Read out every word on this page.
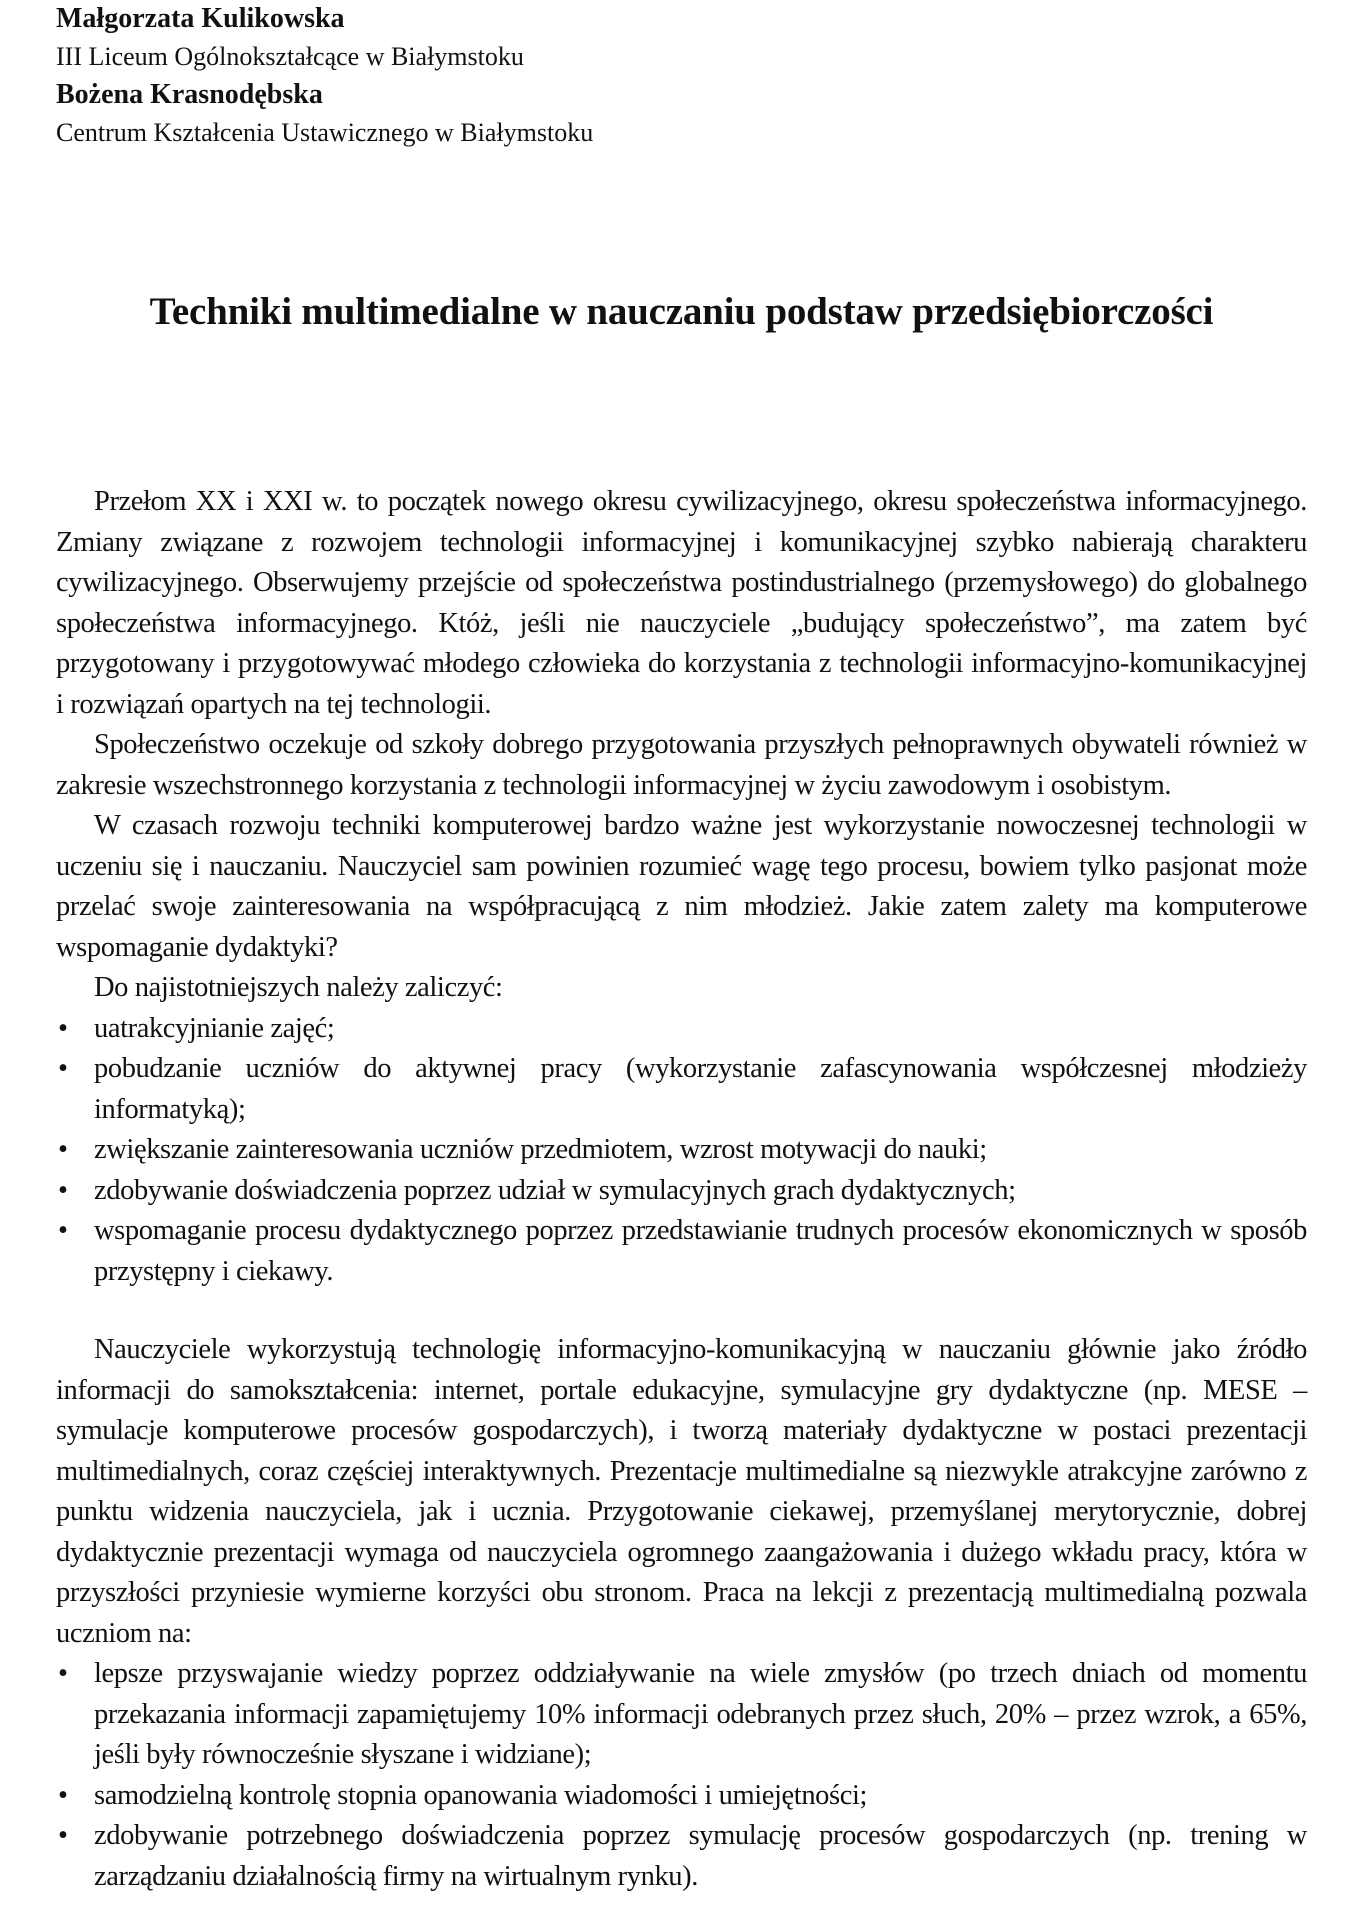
Małgorzata Kulikowska

III Liceum Ogólnokształcące w Białymstoku

Bożena Krasnodębska

Centrum Kształcenia Ustawicznego w Białymstoku

Techniki multimedialne w nauczaniu podstaw przedsiębiorczości

Przełom XX i XXI w. to początek nowego okresu cywilizacyjnego, okresu społeczeństwa informacyjnego. Zmiany związane z rozwojem technologii informacyjnej i komunikacyjnej szybko nabierają charakteru cywilizacyjnego. Obserwujemy przejście od społeczeństwa postindustrialnego (przemysłowego) do globalnego społeczeństwa informacyjnego. Któż, jeśli nie nauczyciele „budujący społeczeństwo”, ma zatem być przygotowany i przygotowywać młodego człowieka do korzystania z technologii informacyjno-komunikacyjnej i rozwiązań opartych na tej technologii.

Społeczeństwo oczekuje od szkoły dobrego przygotowania przyszłych pełnoprawnych obywateli również w zakresie wszechstronnego korzystania z technologii informacyjnej w życiu zawodowym i osobistym.

W czasach rozwoju techniki komputerowej bardzo ważne jest wykorzystanie nowoczesnej technologii w uczeniu się i nauczaniu. Nauczyciel sam powinien rozumieć wagę tego procesu, bowiem tylko pasjonat może przelać swoje zainteresowania na współpracującą z nim młodzież. Jakie zatem zalety ma komputerowe wspomaganie dydaktyki?

Do najistotniejszych należy zaliczyć:

• uatrakcyjnianie zajęć;
• pobudzanie uczniów do aktywnej pracy (wykorzystanie zafascynowania współczesnej młodzieży informatyką);
• zwiększanie zainteresowania uczniów przedmiotem, wzrost motywacji do nauki;
• zdobywanie doświadczenia poprzez udział w symulacyjnych grach dydaktycznych;
• wspomaganie procesu dydaktycznego poprzez przedstawianie trudnych procesów ekonomicznych w sposób przystępny i ciekawy.

Nauczyciele wykorzystują technologię informacyjno-komunikacyjną w nauczaniu głównie jako źródło informacji do samokształcenia: internet, portale edukacyjne, symulacyjne gry dydaktyczne (np. MESE – symulacje komputerowe procesów gospodarczych), i tworzą materiały dydaktyczne w postaci prezentacji multimedialnych, coraz częściej interaktywnych. Prezentacje multimedialne są niezwykle atrakcyjne zarówno z punktu widzenia nauczyciela, jak i ucznia. Przygotowanie ciekawej, przemyślanej merytorycznie, dobrej dydaktycznie prezentacji wymaga od nauczyciela ogromnego zaangażowania i dużego wkładu pracy, która w przyszłości przyniesie wymierne korzyści obu stronom. Praca na lekcji z prezentacją multimedialną pozwala uczniom na:

• lepsze przyswajanie wiedzy poprzez oddziaływanie na wiele zmysłów (po trzech dniach od momentu przekazania informacji zapamiętujemy 10% informacji odebranych przez słuch, 20% – przez wzrok, a 65%, jeśli były równocześnie słyszane i widziane);
• samodzielną kontrolę stopnia opanowania wiadomości i umiejętności;
• zdobywanie potrzebnego doświadczenia poprzez symulację procesów gospodarczych (np. trening w zarządzaniu działalnością firmy na wirtualnym rynku).
